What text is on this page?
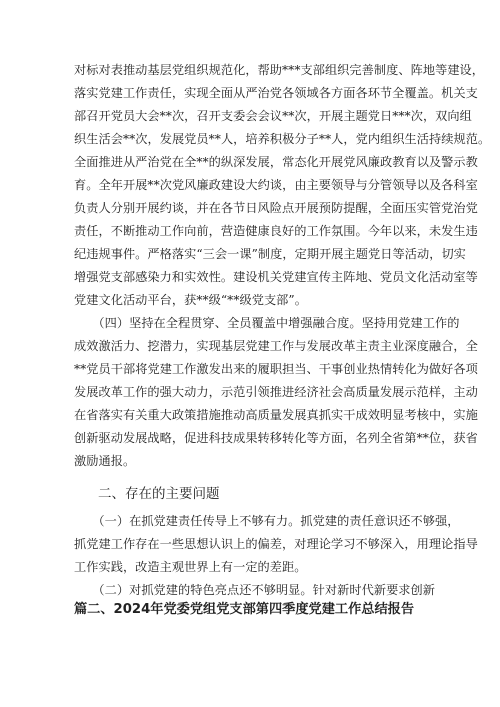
对标对表推动基层党组织规范化，帮助***支部组织完善制度、阵地等建设，
落实党建工作责任，实现全面从严治党各领域各方面各环节全覆盖。机关支
部召开党员大会**次，召开支委会会议**次，开展主题党日***次，双向组
织生活会**次，发展党员**人，培养积极分子**人，党内组织生活持续规范。
全面推进从严治党在全**的纵深发展，常态化开展党风廉政教育以及警示教
育。全年开展**次党风廉政建设大约谈，由主要领导与分管领导以及各科室
负责人分别开展约谈，并在各节日风险点开展预防提醒，全面压实管党治党
责任，不断推动工作向前，营造健康良好的工作氛围。今年以来，未发生违
纪违规事件。严格落实“三会一课”制度，定期开展主题党日等活动，切实
增强党支部感染力和实效性。建设机关党建宣传主阵地、党员文化活动室等
党建文化活动平台，获**级“**级党支部”。
　　（四）坚持在全程贯穿、全员覆盖中增强融合度。坚持用党建工作的
成效激活力、挖潜力，实现基层党建工作与发展改革主责主业深度融合，全
**党员干部将党建工作激发出来的履职担当、干事创业热情转化为做好各项
发展改革工作的强大动力，示范引领推进经济社会高质量发展示范样，主动
在省落实有关重大政策措施推动高质量发展真抓实干成效明显考核中，实施
创新驱动发展战略，促进科技成果转移转化等方面，名列全省第**位，获省
激励通报。
二、存在的主要问题
　　（一）在抓党建责任传导上不够有力。抓党建的责任意识还不够强，
抓党建工作存在一些思想认识上的偏差，对理论学习不够深入，用理论指导
工作实践，改造主观世界上有一定的差距。
　　（二）对抓党建的特色亮点还不够明显。针对新时代新要求创新
篇二、2024年党委党组党支部第四季度党建工作总结报告
